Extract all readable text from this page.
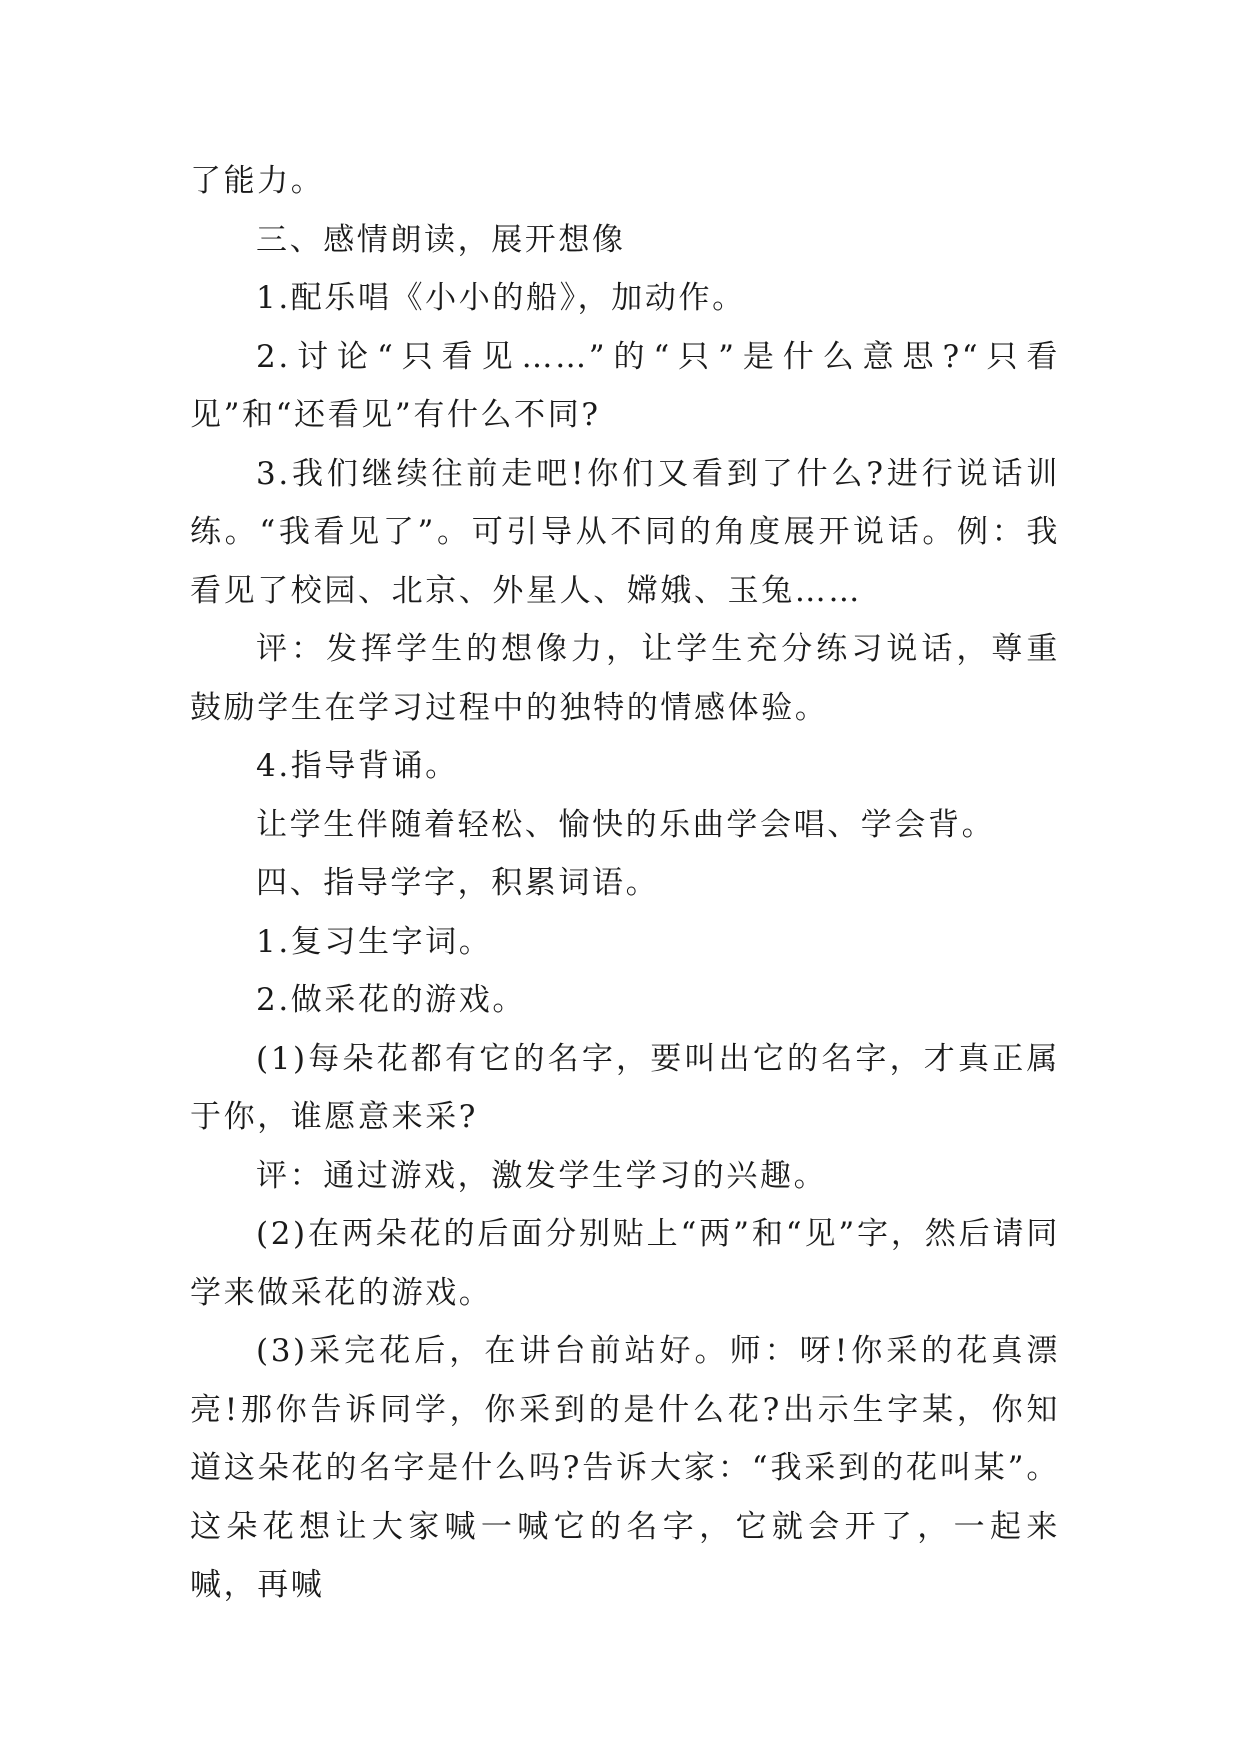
了能力。

三、感情朗读，展开想像

1.配乐唱《小小的船》，加动作。

2.讨论“只看见……”的“只”是什么意思?“只看见”和“还看见”有什么不同?

3.我们继续往前走吧!你们又看到了什么?进行说话训练。“我看见了”。可引导从不同的角度展开说话。例：我看见了校园、北京、外星人、嫦娥、玉兔……

评：发挥学生的想像力，让学生充分练习说话，尊重鼓励学生在学习过程中的独特的情感体验。

4.指导背诵。

让学生伴随着轻松、愉快的乐曲学会唱、学会背。

四、指导学字，积累词语。

1.复习生字词。

2.做采花的游戏。

(1)每朵花都有它的名字，要叫出它的名字，才真正属于你，谁愿意来采?

评：通过游戏，激发学生学习的兴趣。

(2)在两朵花的后面分别贴上“两”和“见”字，然后请同学来做采花的游戏。

(3)采完花后，在讲台前站好。师：呀!你采的花真漂亮!那你告诉同学，你采到的是什么花?出示生字某，你知道这朵花的名字是什么吗?告诉大家：“我采到的花叫某”。这朵花想让大家喊一喊它的名字，它就会开了，一起来喊，再喊
